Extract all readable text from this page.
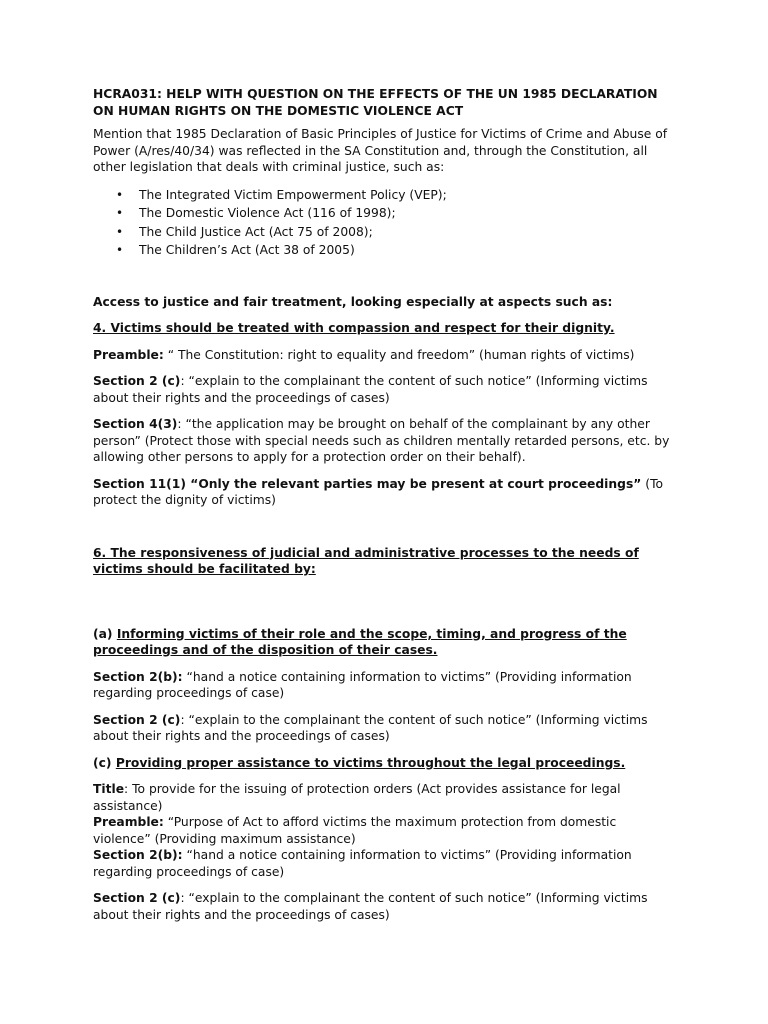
HCRA031: HELP WITH QUESTION ON THE EFFECTS OF THE UN 1985 DECLARATION ON HUMAN RIGHTS ON THE DOMESTIC VIOLENCE ACT

Mention that 1985 Declaration of Basic Principles of Justice for Victims of Crime and Abuse of Power (A/res/40/34) was reflected in the SA Constitution and, through the Constitution, all other legislation that deals with criminal justice, such as:

• The Integrated Victim Empowerment Policy (VEP);
• The Domestic Violence Act (116 of 1998);
• The Child Justice Act (Act 75 of 2008);
• The Children’s Act (Act 38 of 2005)

Access to justice and fair treatment, looking especially at aspects such as:

4. Victims should be treated with compassion and respect for their dignity.

Preamble: “ The Constitution: right to equality and freedom” (human rights of victims)

Section 2 (c): “explain to the complainant the content of such notice” (Informing victims about their rights and the proceedings of cases)

Section 4(3): “the application may be brought on behalf of the complainant by any other person” (Protect those with special needs such as children mentally retarded persons, etc. by allowing other persons to apply for a protection order on their behalf).

Section 11(1) “Only the relevant parties may be present at court proceedings” (To protect the dignity of victims)

6. The responsiveness of judicial and administrative processes to the needs of victims should be facilitated by:

(a) Informing victims of their role and the scope, timing, and progress of the proceedings and of the disposition of their cases.

Section 2(b): “hand a notice containing information to victims” (Providing information regarding proceedings of case)

Section 2 (c): “explain to the complainant the content of such notice” (Informing victims about their rights and the proceedings of cases)

(c) Providing proper assistance to victims throughout the legal proceedings.

Title: To provide for the issuing of protection orders (Act provides assistance for legal assistance)

Preamble: “Purpose of Act to afford victims the maximum protection from domestic violence” (Providing maximum assistance)

Section 2(b): “hand a notice containing information to victims” (Providing information regarding proceedings of case)

Section 2 (c): “explain to the complainant the content of such notice” (Informing victims about their rights and the proceedings of cases)
